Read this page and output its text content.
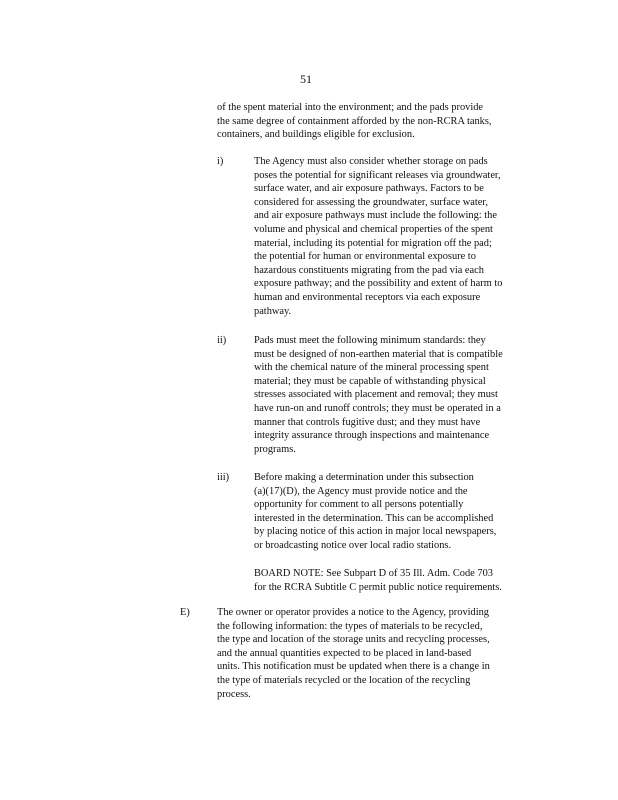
51
of the spent material into the environment; and the pads provide
the same degree of containment afforded by the non-RCRA tanks,
containers, and buildings eligible for exclusion.
i)	The Agency must also consider whether storage on pads
poses the potential for significant releases via groundwater,
surface water, and air exposure pathways. Factors to be
considered for assessing the groundwater, surface water,
and air exposure pathways must include the following: the
volume and physical and chemical properties of the spent
material, including its potential for migration off the pad;
the potential for human or environmental exposure to
hazardous constituents migrating from the pad via each
exposure pathway; and the possibility and extent of harm to
human and environmental receptors via each exposure
pathway.
ii)	Pads must meet the following minimum standards: they
must be designed of non-earthen material that is compatible
with the chemical nature of the mineral processing spent
material; they must be capable of withstanding physical
stresses associated with placement and removal; they must
have run-on and runoff controls; they must be operated in a
manner that controls fugitive dust; and they must have
integrity assurance through inspections and maintenance
programs.
iii) Before making a determination under this subsection
(a)(17)(D), the Agency must provide notice and the
opportunity for comment to all persons potentially
interested in the determination. This can be accomplished
by placing notice of this action in major local newspapers,
or broadcasting notice over local radio stations.
BOARD NOTE: See Subpart D of 35 Ill. Adm. Code 703
for the RCRA Subtitle C permit public notice requirements.
E)	The owner or operator provides a notice to the Agency, providing
the following information: the types of materials to be recycled,
the type and location of the storage units and recycling processes,
and the annual quantities expected to be placed in land-based
units. This notification must be updated when there is a change in
the type of materials recycled or the location of the recycling
process.
